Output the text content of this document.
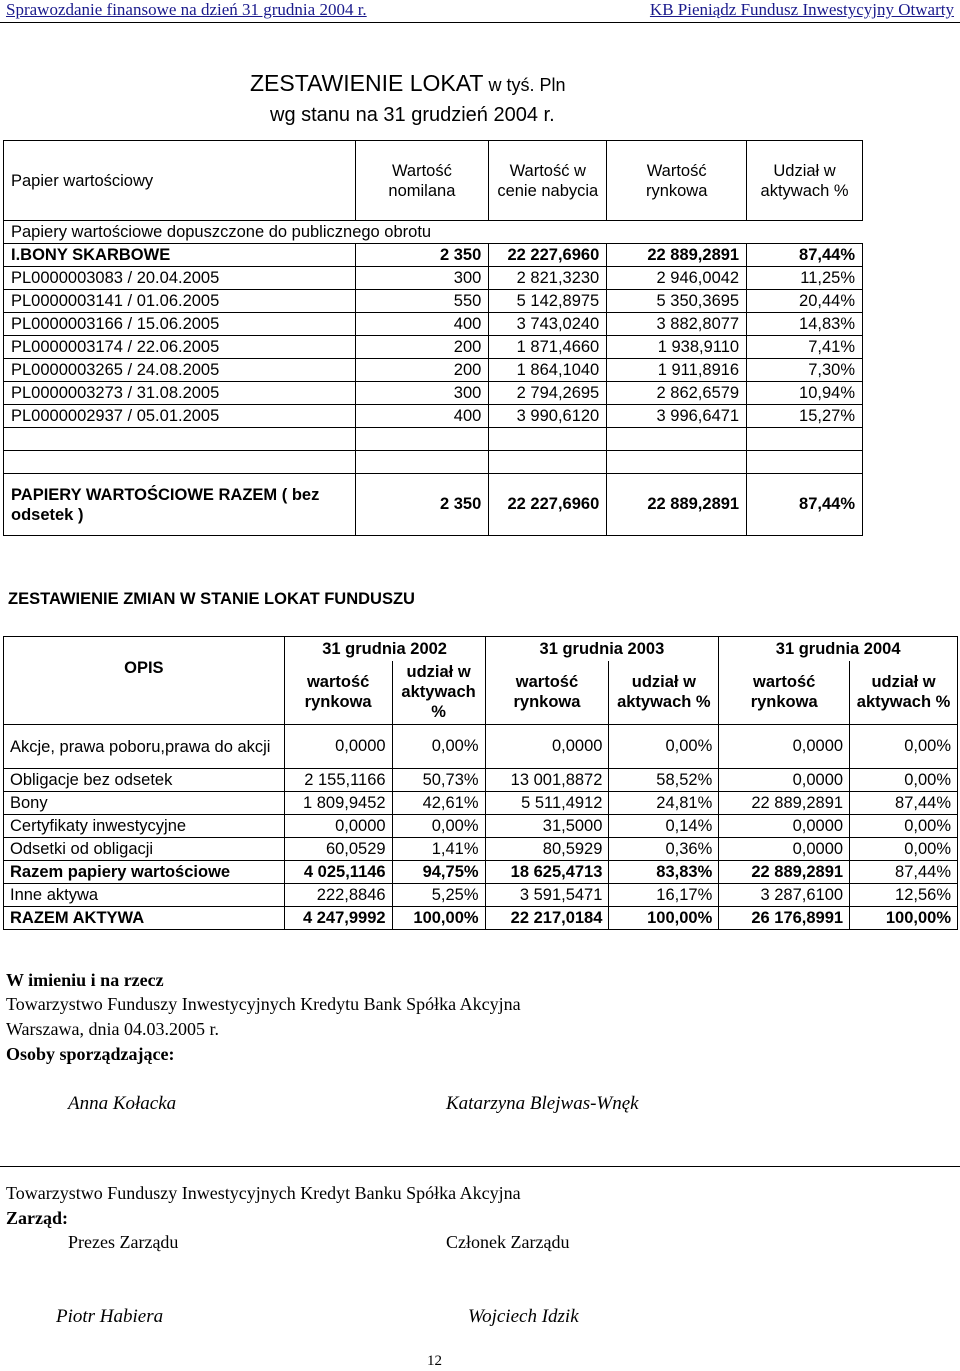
Sprawozdanie finansowe na dzień 31 grudnia 2004 r.	KB Pieniądz Fundusz Inwestycyjny Otwarty
ZESTAWIENIE LOKAT w tyś. Pln
wg stanu na 31 grudzień 2004 r.
Papier wartościowy	Wartość nomilana	Wartość w cenie nabycia	Wartość rynkowa	Udział w aktywach %
Papiery wartościowe dopuszczone do publicznego obrotu				
I.BONY SKARBOWE	2 350	22 227,6960	22 889,2891	87,44%
PL0000003083 / 20.04.2005	300	2 821,3230	2 946,0042	11,25%
PL0000003141 / 01.06.2005	550	5 142,8975	5 350,3695	20,44%
PL0000003166 / 15.06.2005	400	3 743,0240	3 882,8077	14,83%
PL0000003174 / 22.06.2005	200	1 871,4660	1 938,9110	7,41%
PL0000003265 / 24.08.2005	200	1 864,1040	1 911,8916	7,30%
PL0000003273 / 31.08.2005	300	2 794,2695	2 862,6579	10,94%
PL0000002937 / 05.01.2005	400	3 990,6120	3 996,6471	15,27%

PAPIERY WARTOŚCIOWE RAZEM ( bez odsetek )	2 350	22 227,6960	22 889,2891	87,44%
ZESTAWIENIE ZMIAN W STANIE LOKAT FUNDUSZU
OPIS	31 grudnia 2002		31 grudnia 2003		31 grudnia 2004	
	wartość rynkowa	udział w aktywach %	wartość rynkowa	udział w aktywach %	wartość rynkowa	udział w aktywach %
Akcje, prawa poboru,prawa do akcji	0,0000	0,00%	0,0000	0,00%	0,0000	0,00%
Obligacje bez odsetek	2 155,1166	50,73%	13 001,8872	58,52%	0,0000	0,00%
Bony	1 809,9452	42,61%	5 511,4912	24,81%	22 889,2891	87,44%
Certyfikaty inwestycyjne	0,0000	0,00%	31,5000	0,14%	0,0000	0,00%
Odsetki od obligacji	60,0529	1,41%	80,5929	0,36%	0,0000	0,00%
Razem papiery wartościowe	4 025,1146	94,75%	18 625,4713	83,83%	22 889,2891	87,44%
Inne aktywa	222,8846	5,25%	3 591,5471	16,17%	3 287,6100	12,56%
RAZEM AKTYWA	4 247,9992	100,00%	22 217,0184	100,00%	26 176,8991	100,00%
W imieniu i na rzecz
Towarzystwo Funduszy Inwestycyjnych Kredytu Bank Spółka Akcyjna
Warszawa, dnia 04.03.2005 r.
Osoby sporządzające:
Anna Kołacka	Katarzyna Blejwas-Wnęk
Towarzystwo Funduszy Inwestycyjnych Kredyt Banku Spółka Akcyjna
Zarząd:
Prezes Zarządu	Członek Zarządu
Piotr Habiera	Wojciech Idzik
12
